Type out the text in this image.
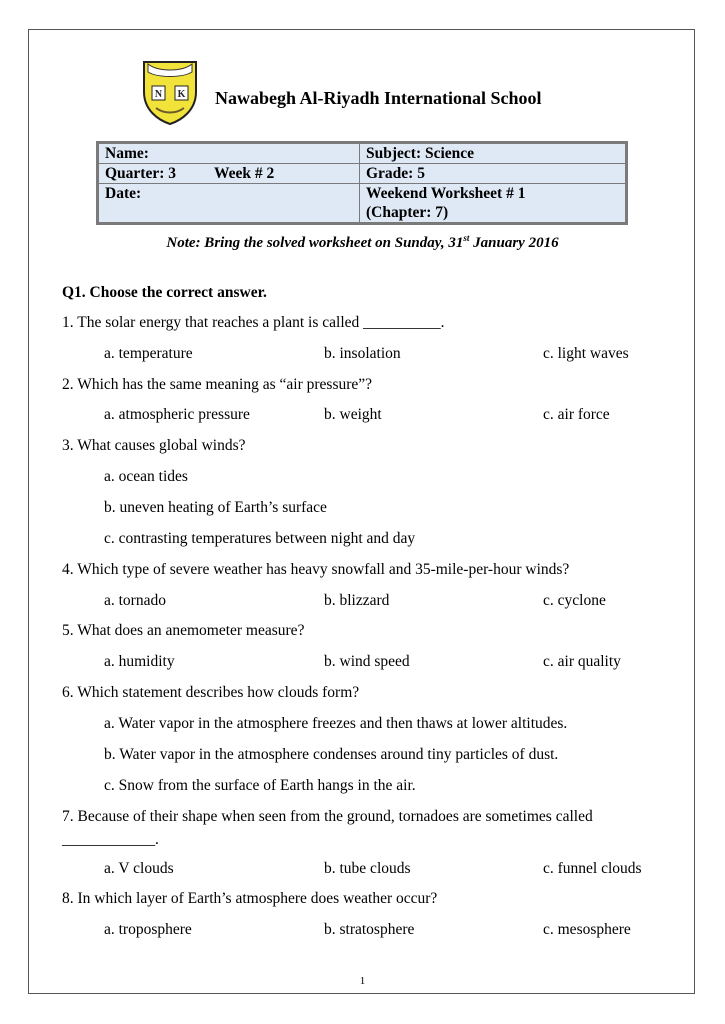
N K Nawabegh Al-Riyadh International School
Name:	Subject: Science
Quarter: 3 Week # 2	Grade: 5
Date:	Weekend Worksheet # 1
(Chapter: 7)
Note: Bring the solved worksheet on Sunday, 31st January 2016
Q1. Choose the correct answer.
1. The solar energy that reaches a plant is called __________.
a. temperature	b. insolation	c. light waves
2. Which has the same meaning as “air pressure”?
a. atmospheric pressure	b. weight	c. air force
3. What causes global winds?
a. ocean tides
b. uneven heating of Earth’s surface
c. contrasting temperatures between night and day
4. Which type of severe weather has heavy snowfall and 35-mile-per-hour winds?
a. tornado	b. blizzard	c. cyclone
5. What does an anemometer measure?
a. humidity	b. wind speed	c. air quality
6. Which statement describes how clouds form?
a. Water vapor in the atmosphere freezes and then thaws at lower altitudes.
b. Water vapor in the atmosphere condenses around tiny particles of dust.
c. Snow from the surface of Earth hangs in the air.
7. Because of their shape when seen from the ground, tornadoes are sometimes called
____________.
a. V clouds	b. tube clouds	c. funnel clouds
8. In which layer of Earth’s atmosphere does weather occur?
a. troposphere	b. stratosphere	c. mesosphere
1
